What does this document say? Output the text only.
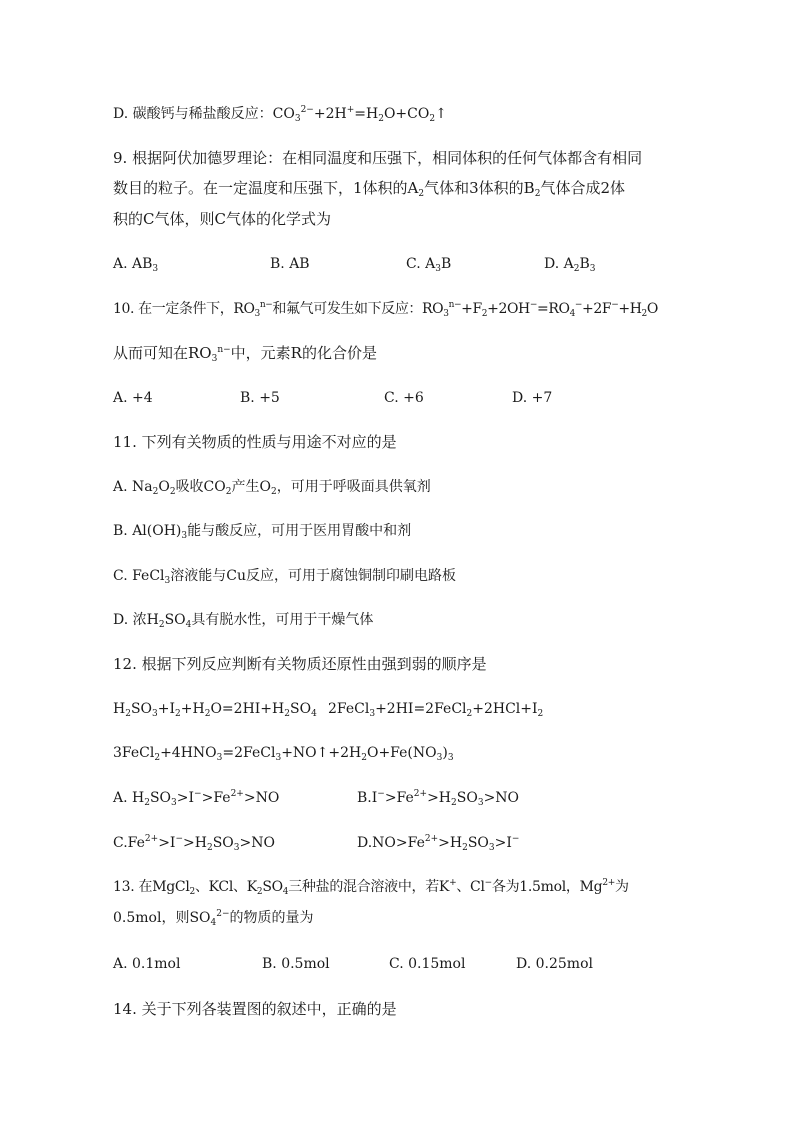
D. 碳酸钙与稀盐酸反应：$CO_3^{2-}+2H^+=H_2O+CO_2↑$
9. 根据阿伏加德罗理论：在相同温度和压强下，相同体积的任何气体都含有相同
数目的粒子。在一定温度和压强下，1体积的$A_2$气体和3体积的$B_2$气体合成2体
积的C气体，则C气体的化学式为
A. $AB_3$	B. AB	C. $A_3B$	D. $A_2B_3$
10. 在一定条件下，$RO_3^{n-}$和氟气可发生如下反应：$RO_3^{n-}+F_2+2OH^-=RO_4^-+2F^-+H_2O$
从而可知在$RO_3^{n-}$中，元素R的化合价是
A. +4	B. +5	C. +6	D. +7
11. 下列有关物质的性质与用途不对应的是
A. $Na_2O_2$吸收$CO_2$产生$O_2$，可用于呼吸面具供氧剂
B. $Al(OH)_3$能与酸反应，可用于医用胃酸中和剂
C. FeCl$_3$溶液能与Cu反应，可用于腐蚀铜制印刷电路板
D. 浓$H_2SO_4$具有脱水性，可用于干燥气体
12. 根据下列反应判断有关物质还原性由强到弱的顺序是
$H_2SO_3+I_2+H_2O=2HI+H_2SO_4$ $2FeCl_3+2HI=2FeCl_2+2HCl+I_2$
$3FeCl_2+4HNO_3=2FeCl_3+NO↑+2H_2O+Fe(NO_3)_3$
A. $H_2SO_3>I^->Fe^{2+}>NO$	$B.I^->Fe^{2+}>H_2SO_3>NO$
$C.Fe^{2+}>I^->H_2SO_3>NO$	$D.NO>Fe^{2+}>H_2SO_3>I^-$
13. 在MgCl$_2$、KCl、$K_2SO_4$三种盐的混合溶液中，若K+、Cl−各为1.5mol，$Mg^{2+}$为
0.5mol，则$SO_4^{2-}$的物质的量为
A. 0.1mol	B. 0.5mol	C. 0.15mol	D. 0.25mol
14. 关于下列各装置图的叙述中，正确的是
